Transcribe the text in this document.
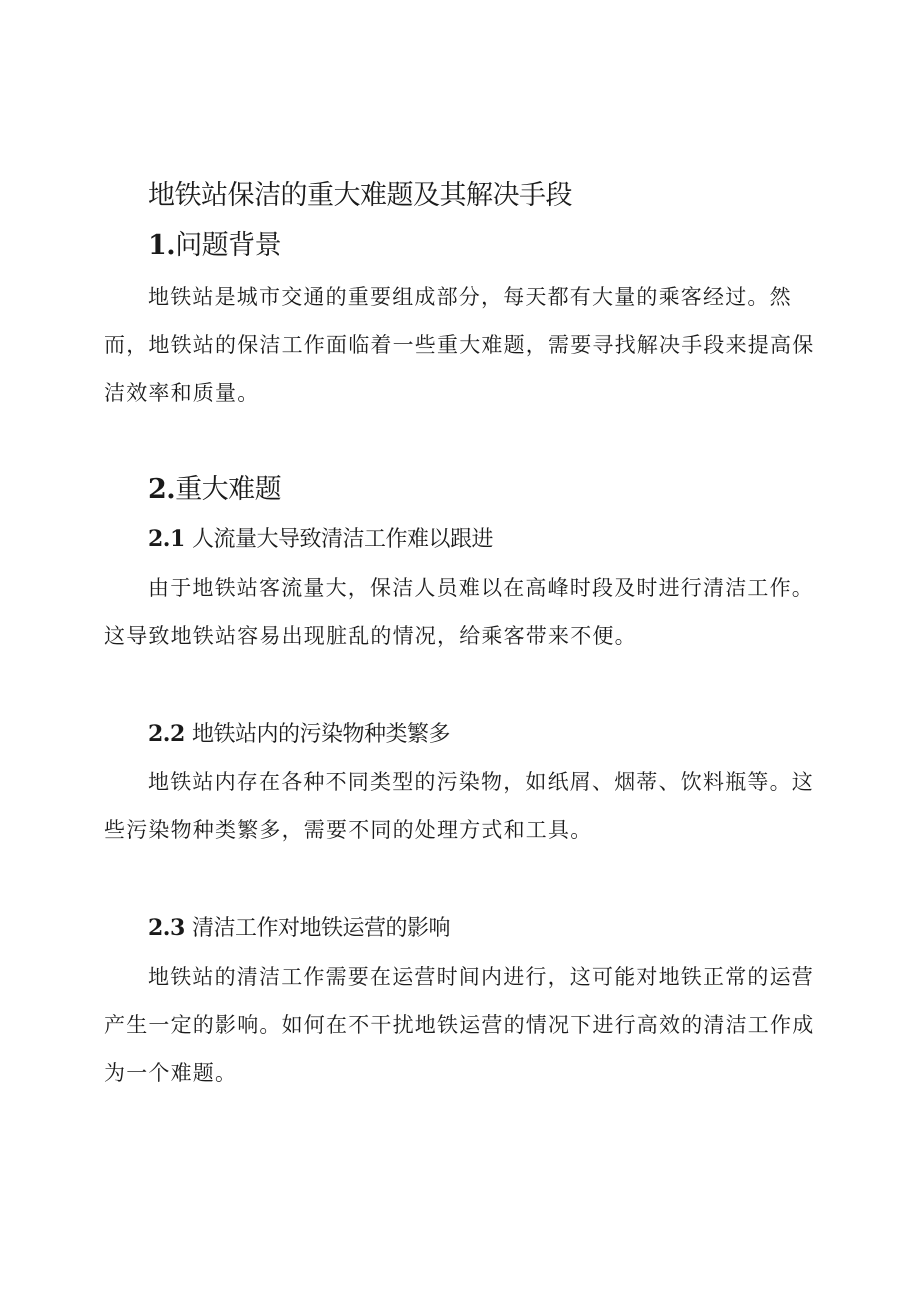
地铁站保洁的重大难题及其解决手段
1.问题背景

地铁站是城市交通的重要组成部分，每天都有大量的乘客经过。然而，地铁站的保洁工作面临着一些重大难题，需要寻找解决手段来提高保洁效率和质量。

2.重大难题
2.1 人流量大导致清洁工作难以跟进

由于地铁站客流量大，保洁人员难以在高峰时段及时进行清洁工作。这导致地铁站容易出现脏乱的情况，给乘客带来不便。

2.2 地铁站内的污染物种类繁多

地铁站内存在各种不同类型的污染物，如纸屑、烟蒂、饮料瓶等。这些污染物种类繁多，需要不同的处理方式和工具。

2.3 清洁工作对地铁运营的影响

地铁站的清洁工作需要在运营时间内进行，这可能对地铁正常的运营产生一定的影响。如何在不干扰地铁运营的情况下进行高效的清洁工作成为一个难题。
